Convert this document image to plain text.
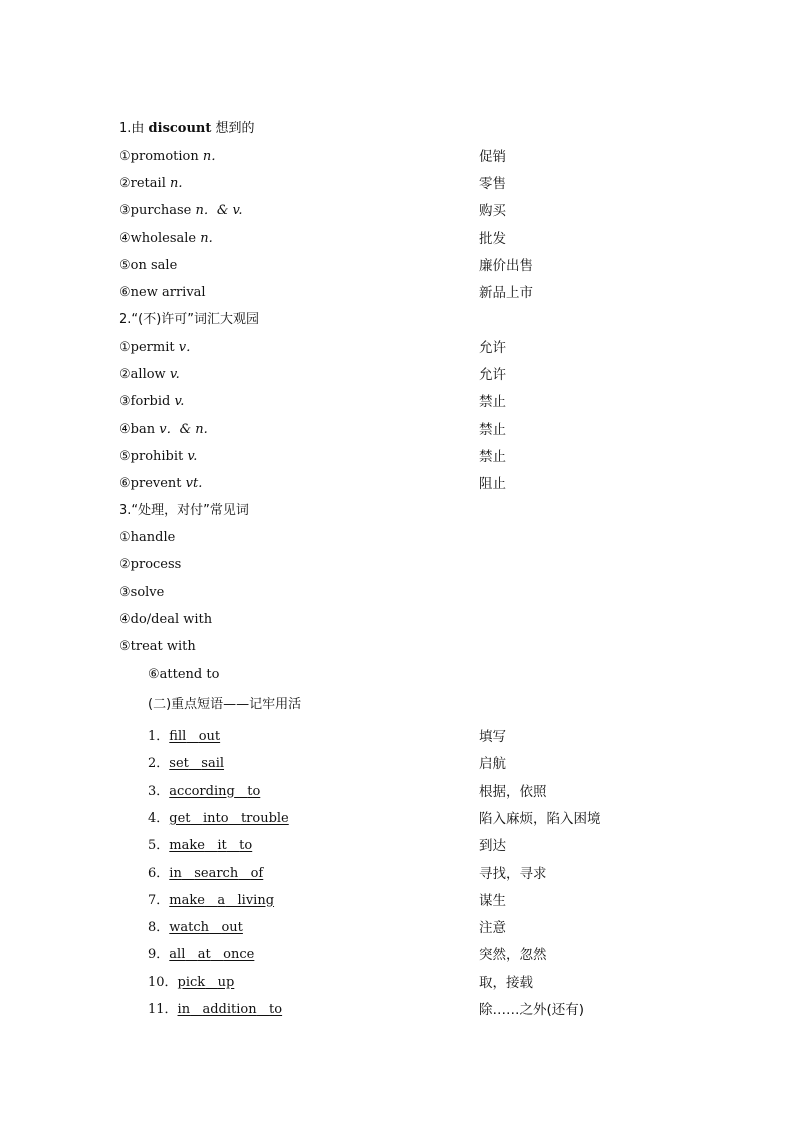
1.由 discount 想到的
①promotion n．	促销
②retail n.	零售
③purchase n．& v.	购买
④wholesale n.	批发
⑤on sale	廉价出售
⑥new arrival	新品上市
2.“(不)许可”词汇大观园
①permit v．	允许
②allow v.	允许
③forbid v.	禁止
④ban v．& n.	禁止
⑤prohibit v.	禁止
⑥prevent vt.	阻止
3.“处理，对付”常见词
①handle
②process
③solve
④do/deal with
⑤treat with
⑥attend to
(二)重点短语——记牢用活
1．fill out	填写
2．set sail	启航
3．according to	根据，依照
4．get into trouble	陷入麻烦，陷入困境
5．make it to	到达
6．in search of	寻找，寻求
7．make a living	谋生
8．watch out	注意
9．all at once	突然，忽然
10．pick up	取，接载
11．in addition to	除……之外(还有)
